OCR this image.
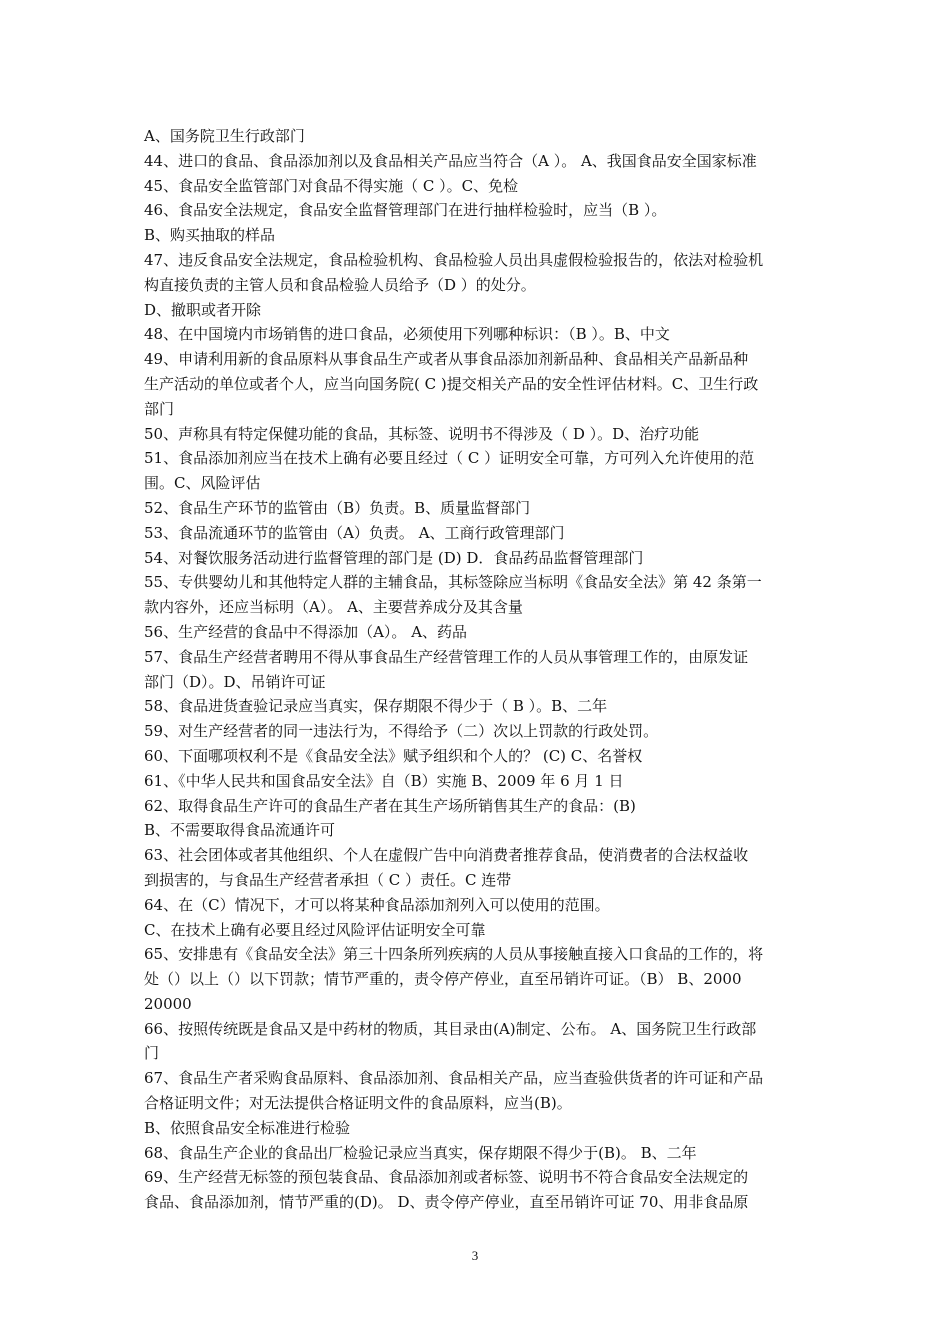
A、国务院卫生行政部门
44、进口的食品、食品添加剂以及食品相关产品应当符合（A ）。 A、我国食品安全国家标准
45、食品安全监管部门对食品不得实施（ C ）。C、免检
46、食品安全法规定，食品安全监督管理部门在进行抽样检验时，应当（B ）。
B、购买抽取的样品
47、违反食品安全法规定，食品检验机构、食品检验人员出具虚假检验报告的，依法对检验机
构直接负责的主管人员和食品检验人员给予（D ）的处分。
D、撤职或者开除
48、在中国境内市场销售的进口食品，必须使用下列哪种标识：（B ）。B、中文
49、申请利用新的食品原料从事食品生产或者从事食品添加剂新品种、食品相关产品新品种
生产活动的单位或者个人，应当向国务院( C )提交相关产品的安全性评估材料。C、卫生行政
部门
50、声称具有特定保健功能的食品，其标签、说明书不得涉及（ D ）。D、治疗功能
51、食品添加剂应当在技术上确有必要且经过（ C ）证明安全可靠，方可列入允许使用的范
围。C、风险评估
52、食品生产环节的监管由（B）负责。B、质量监督部门
53、食品流通环节的监管由（A）负责。 A、工商行政管理部门
54、对餐饮服务活动进行监督管理的部门是 (D) D．食品药品监督管理部门
55、专供婴幼儿和其他特定人群的主辅食品，其标签除应当标明《食品安全法》第 42 条第一
款内容外，还应当标明（A）。 A、主要营养成分及其含量
56、生产经营的食品中不得添加（A）。 A、药品
57、食品生产经营者聘用不得从事食品生产经营管理工作的人员从事管理工作的，由原发证
部门（D）。D、吊销许可证
58、食品进货查验记录应当真实，保存期限不得少于（ B ）。B、二年
59、对生产经营者的同一违法行为，不得给予（二）次以上罚款的行政处罚。
60、下面哪项权利不是《食品安全法》赋予组织和个人的？ (C) C、名誉权
61、《中华人民共和国食品安全法》自（B）实施 B、2009 年 6 月 1 日
62、取得食品生产许可的食品生产者在其生产场所销售其生产的食品：(B)
B、不需要取得食品流通许可
63、社会团体或者其他组织、个人在虚假广告中向消费者推荐食品，使消费者的合法权益收
到损害的，与食品生产经营者承担（ C ）责任。C 连带
64、在（C）情况下，才可以将某种食品添加剂列入可以使用的范围。
C、在技术上确有必要且经过风险评估证明安全可靠
65、安排患有《食品安全法》第三十四条所列疾病的人员从事接触直接入口食品的工作的，将
处（）以上（）以下罚款；情节严重的，责令停产停业，直至吊销许可证。（B） B、2000
20000
66、按照传统既是食品又是中药材的物质，其目录由(A)制定、公布。 A、国务院卫生行政部
门
67、食品生产者采购食品原料、食品添加剂、食品相关产品，应当查验供货者的许可证和产品
合格证明文件；对无法提供合格证明文件的食品原料，应当(B)。
B、依照食品安全标准进行检验
68、食品生产企业的食品出厂检验记录应当真实，保存期限不得少于(B)。 B、二年
69、生产经营无标签的预包装食品、食品添加剂或者标签、说明书不符合食品安全法规定的
食品、食品添加剂，情节严重的(D)。 D、责令停产停业，直至吊销许可证 70、用非食品原
3
